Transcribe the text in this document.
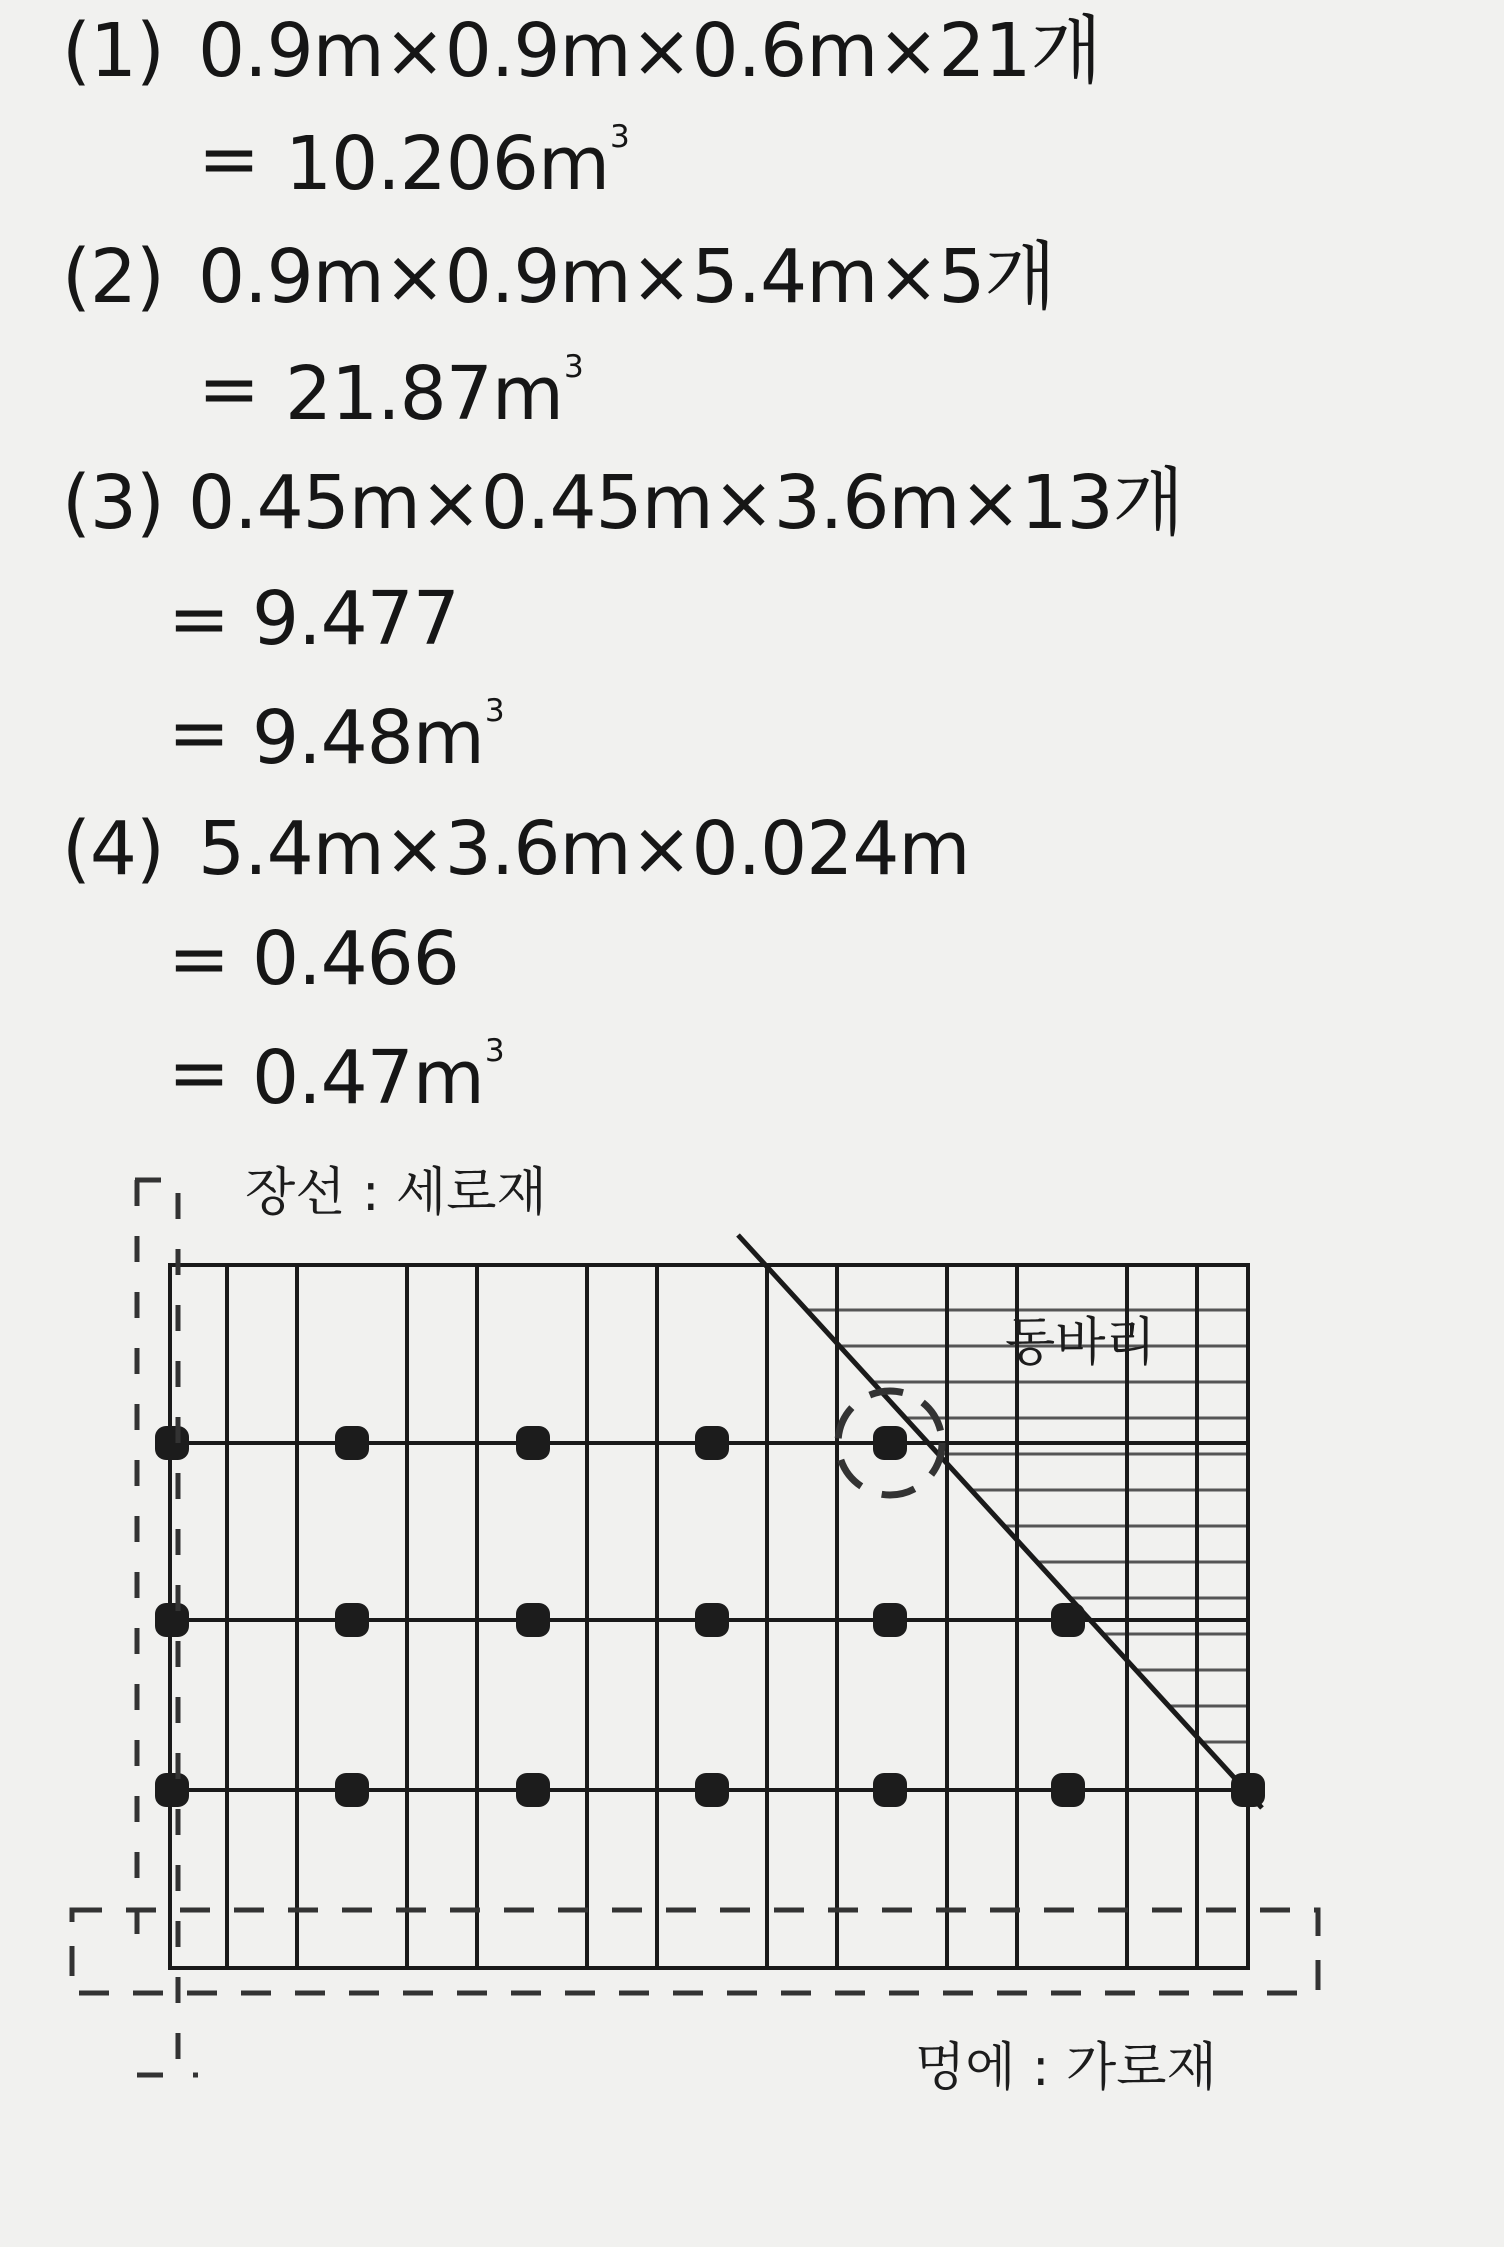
(1) 0.9m×0.9m×0.6m×21개
= $10.206m^3$
(2) 0.9m×0.9m×5.4m×5개
= $21.87m^3$
(3) 0.45m×0.45m×3.6m×13개
= 9.477
= $9.48m^3$
(4) 5.4m×3.6m×0.024m
= 0.466
= $0.47m^3$
장선 : 세로재
동바리
멍에 : 가로재
